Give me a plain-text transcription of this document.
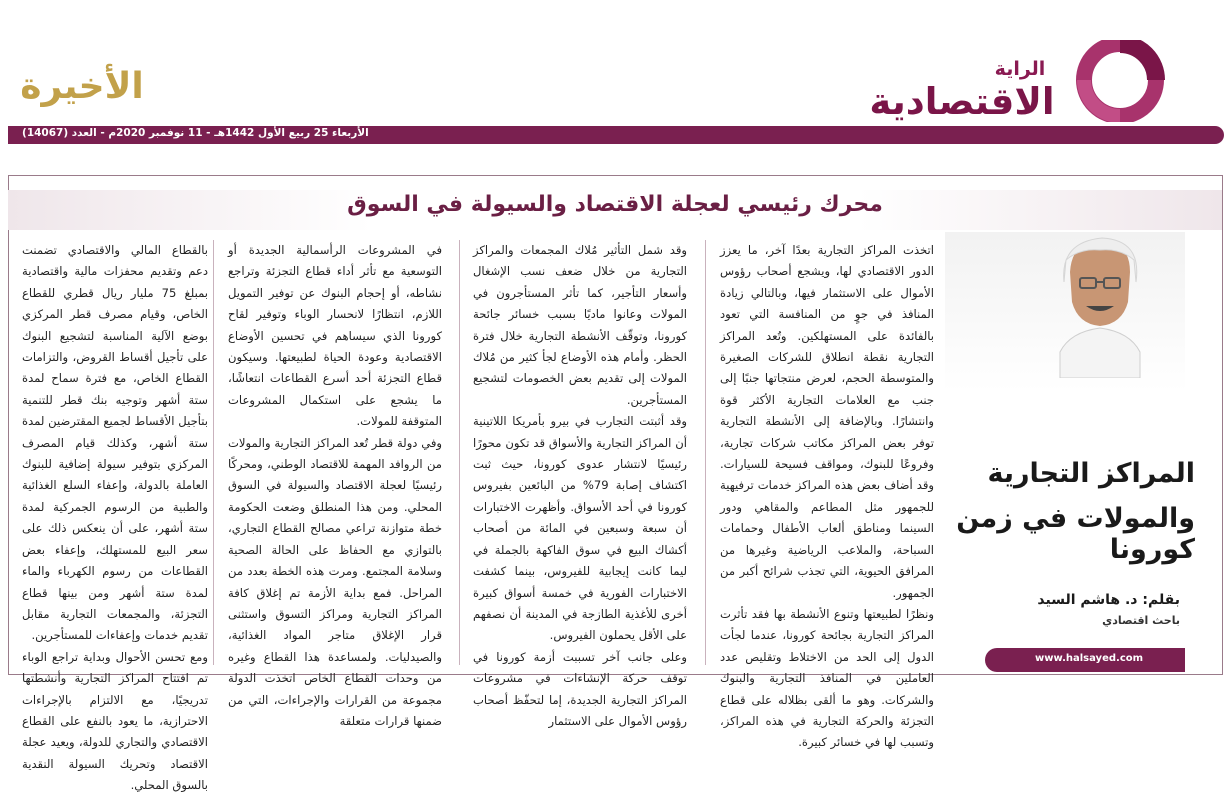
الراية
الاقتصادية
الأخيرة
الأربعاء 25 ربيع الأول 1442هـ - 11 نوفمبر 2020م - العدد (14067)
محرك رئيسي لعجلة الاقتصاد والسيولة في السوق

اتخذت المراكز التجارية بعدًا آخر، ما يعزز الدور الاقتصادي لها، ويشجع أصحاب رؤوس الأموال على الاستثمار فيها، وبالتالي زيادة المنافذ في جوٍ من المنافسة التي تعود بالفائدة على المستهلكين. وتُعد المراكز التجارية نقطة انطلاق للشركات الصغيرة والمتوسطة الحجم، لعرض منتجاتها جنبًا إلى جنب مع العلامات التجارية الأكثر قوة وانتشارًا. وبالإضافة إلى الأنشطة التجارية توفر بعض المراكز مكاتب شركات تجارية، وفروعًا للبنوك، ومواقف فسيحة للسيارات. وقد أضاف بعض هذه المراكز خدمات ترفيهية للجمهور مثل المطاعم والمقاهي ودور السينما ومناطق ألعاب الأطفال وحمامات السباحة، والملاعب الرياضية وغيرها من المرافق الحيوية، التي تجذب شرائح أكبر من الجمهور.

ونظرًا لطبيعتها وتنوع الأنشطة بها فقد تأثرت المراكز التجارية بجائحة كورونا، عندما لجأت الدول إلى الحد من الاختلاط وتقليص عدد العاملين في المنافذ التجارية والبنوك والشركات. وهو ما ألقى بظلاله على قطاع التجزئة والحركة التجارية في هذه المراكز، وتسبب لها في خسائر كبيرة.

وقد شمل التأثير مُلاك المجمعات والمراكز التجارية من خلال ضعف نسب الإشغال وأسعار التأجير، كما تأثر المستأجرون في المولات وعانوا ماديًا بسبب خسائر جائحة كورونا، وتوقّف الأنشطة التجارية خلال فترة الحظر. وأمام هذه الأوضاع لجأ كثير من مُلاك المولات إلى تقديم بعض الخصومات لتشجيع المستأجرين.

وقد أثبتت التجارب في بيرو بأمريكا اللاتينية أن المراكز التجارية والأسواق قد تكون محورًا رئيسيًا لانتشار عدوى كورونا، حيث ثبت اكتشاف إصابة 79% من البائعين بفيروس كورونا في أحد الأسواق. وأظهرت الاختبارات أن سبعة وسبعين في المائة من أصحاب أكشاك البيع في سوق الفاكهة بالجملة في ليما كانت إيجابية للفيروس، بينما كشفت الاختبارات الفورية في خمسة أسواق كبيرة أخرى للأغذية الطازجة في المدينة أن نصفهم على الأقل يحملون الفيروس.

وعلى جانب آخر تسببت أزمة كورونا في توقف حركة الإنشاءات في مشروعات المراكز التجارية الجديدة، إما لتحفّظ أصحاب رؤوس الأموال على الاستثمار

في المشروعات الرأسمالية الجديدة أو التوسعية مع تأثر أداء قطاع التجزئة وتراجع نشاطه، أو إحجام البنوك عن توفير التمويل اللازم، انتظارًا لانحسار الوباء وتوفير لقاح كورونا الذي سيساهم في تحسين الأوضاع الاقتصادية وعودة الحياة لطبيعتها. وسيكون قطاع التجزئة أحد أسرع القطاعات انتعاشًا، ما يشجع على استكمال المشروعات المتوقفة للمولات.

وفي دولة قطر تُعد المراكز التجارية والمولات من الروافد المهمة للاقتصاد الوطني، ومحركًا رئيسيًا لعجلة الاقتصاد والسيولة في السوق المحلي. ومن هذا المنطلق وضعت الحكومة خطة متوازنة تراعي مصالح القطاع التجاري، بالتوازي مع الحفاظ على الحالة الصحية وسلامة المجتمع. ومرت هذه الخطة بعدد من المراحل. فمع بداية الأزمة تم إغلاق كافة المراكز التجارية ومراكز التسوق واستثنى قرار الإغلاق متاجر المواد الغذائية، والصيدليات. ولمساعدة هذا القطاع وغيره من وحدات القطاع الخاص اتخذت الدولة مجموعة من القرارات والإجراءات، التي من ضمنها قرارات متعلقة

بالقطاع المالي والاقتصادي تضمنت دعم وتقديم محفزات مالية واقتصادية بمبلغ 75 مليار ريال قطري للقطاع الخاص، وقيام مصرف قطر المركزي بوضع الآلية المناسبة لتشجيع البنوك على تأجيل أقساط القروض، والتزامات القطاع الخاص، مع فترة سماح لمدة ستة أشهر وتوجيه بنك قطر للتنمية بتأجيل الأقساط لجميع المقترضين لمدة ستة أشهر، وكذلك قيام المصرف المركزي بتوفير سيولة إضافية للبنوك العاملة بالدولة، وإعفاء السلع الغذائية والطبية من الرسوم الجمركية لمدة ستة أشهر، على أن ينعكس ذلك على سعر البيع للمستهلك، وإعفاء بعض القطاعات من رسوم الكهرباء والماء لمدة ستة أشهر ومن بينها قطاع التجزئة، والمجمعات التجارية مقابل تقديم خدمات وإعفاءات للمستأجرين.

ومع تحسن الأحوال وبداية تراجع الوباء تم افتتاح المراكز التجارية وأنشطتها تدريجيًا، مع الالتزام بالإجراءات الاحترازية، ما يعود بالنفع على القطاع الاقتصادي والتجاري للدولة، ويعيد عجلة الاقتصاد وتحريك السيولة النقدية بالسوق المحلي.

المراكز التجارية
والمولات في زمن كورونا
بقلم: د. هاشم السيد
باحث اقتصادي
www.halsayed.com
